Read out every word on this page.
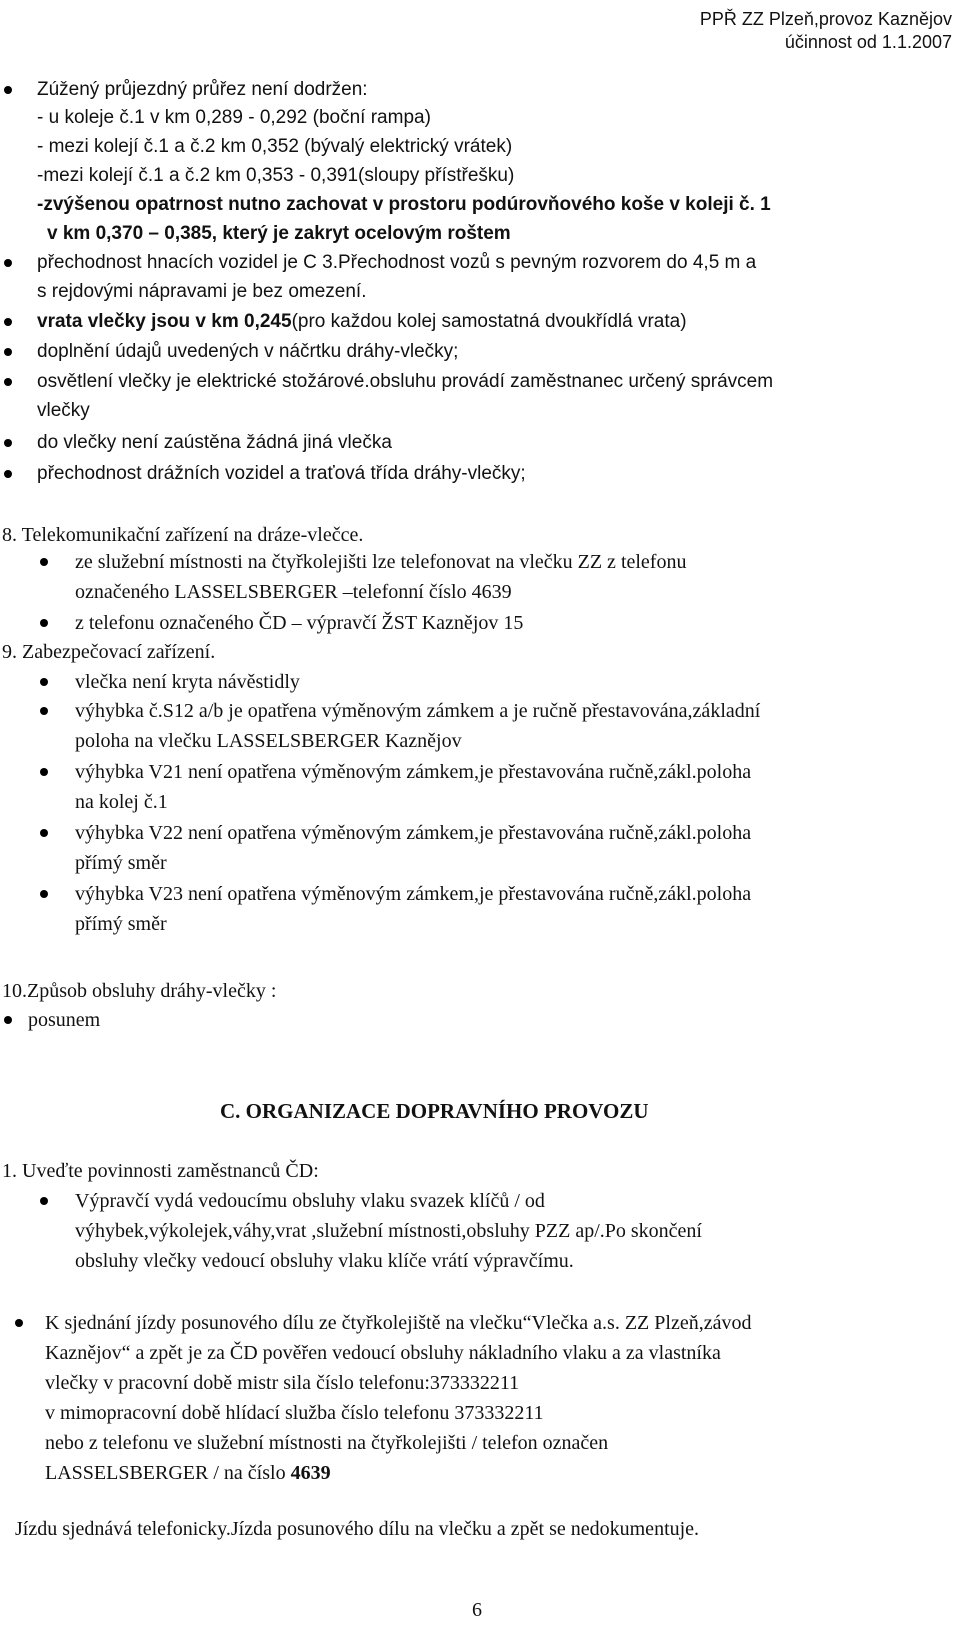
PPŘ ZZ Plzeň,provoz Kaznějov
účinnost od 1.1.2007
Zúžený průjezdný průřez není dodržen:
- u koleje č.1 v km 0,289 - 0,292 (boční rampa)
- mezi kolejí č.1 a č.2 km 0,352 (bývalý elektrický vrátek)
-mezi kolejí č.1 a č.2 km 0,353 - 0,391(sloupy přístřešku)
-zvýšenou opatrnost nutno zachovat v prostoru podúrovňového koše v koleji č. 1
v km 0,370 – 0,385, který je zakryt ocelovým roštem
přechodnost hnacích vozidel je C 3.Přechodnost vozů s pevným rozvorem do 4,5 m a
s rejdovými nápravami je bez omezení.
vrata vlečky jsou v km 0,245(pro každou kolej samostatná dvoukřídlá vrata)
doplnění údajů uvedených v náčrtku dráhy-vlečky;
osvětlení vlečky je elektrické stožárové.obsluhu provádí zaměstnanec určený správcem
vlečky
do vlečky není zaústěna žádná jiná vlečka
přechodnost drážních vozidel a traťová třída dráhy-vlečky;
8. Telekomunikační zařízení na dráze-vlečce.
ze služební místnosti na čtyřkolejišti lze telefonovat na vlečku ZZ z telefonu
označeného LASSELSBERGER –telefonní číslo 4639
z telefonu označeného ČD – výpravčí ŽST Kaznějov 15
9. Zabezpečovací zařízení.
vlečka není kryta návěstidly
výhybka č.S12 a/b je opatřena výměnovým zámkem a je ručně přestavována,základní
poloha na vlečku LASSELSBERGER Kaznějov
výhybka V21 není opatřena výměnovým zámkem,je přestavována ručně,zákl.poloha
na kolej č.1
výhybka V22 není opatřena výměnovým zámkem,je přestavována ručně,zákl.poloha
přímý směr
výhybka V23 není opatřena výměnovým zámkem,je přestavována ručně,zákl.poloha
přímý směr
10.Způsob obsluhy dráhy-vlečky :
posunem
C. ORGANIZACE DOPRAVNÍHO PROVOZU
1. Uveďte povinnosti zaměstnanců ČD:
Výpravčí vydá vedoucímu obsluhy vlaku svazek klíčů / od
výhybek,výkolejek,váhy,vrat ,služební místnosti,obsluhy PZZ ap/.Po skončení
obsluhy vlečky vedoucí obsluhy vlaku klíče vrátí výpravčímu.
K sjednání jízdy posunového dílu ze čtyřkolejiště na vlečku“Vlečka a.s. ZZ Plzeň,závod
Kaznějov“ a zpět je za ČD pověřen vedoucí obsluhy nákladního vlaku a za vlastníka
vlečky v pracovní době mistr sila číslo telefonu:373332211
v mimopracovní době hlídací služba číslo telefonu 373332211
nebo z telefonu ve služební místnosti na čtyřkolejišti / telefon označen
LASSELSBERGER / na číslo 4639
Jízdu sjednává telefonicky.Jízda posunového dílu na vlečku a zpět se nedokumentuje.
6
